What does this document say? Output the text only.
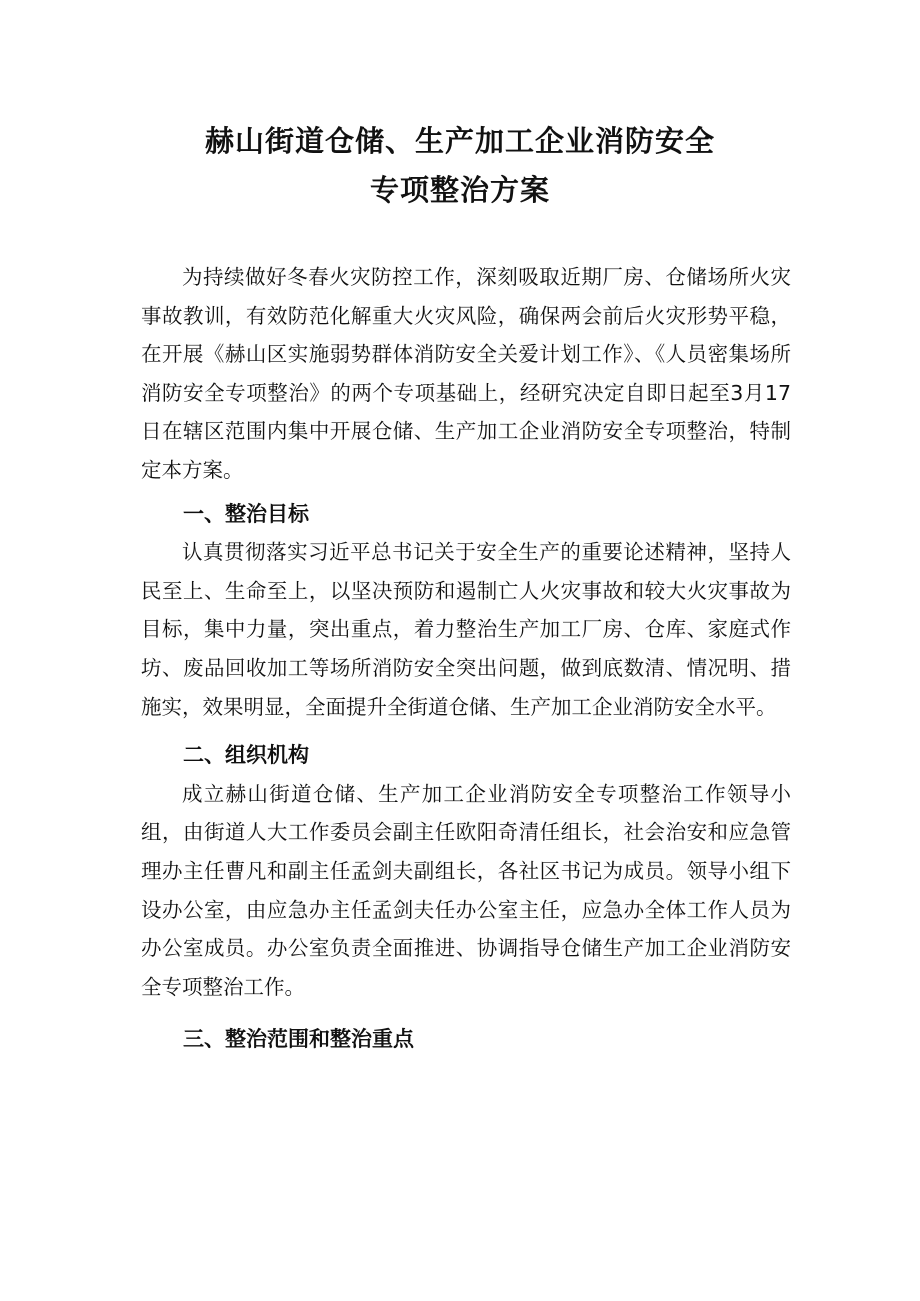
赫山街道仓储、生产加工企业消防安全
专项整治方案

为持续做好冬春火灾防控工作，深刻吸取近期厂房、仓储场所火灾事故教训，有效防范化解重大火灾风险，确保两会前后火灾形势平稳，在开展《赫山区实施弱势群体消防安全关爱计划工作》、《人员密集场所消防安全专项整治》的两个专项基础上，经研究决定自即日起至3月17日在辖区范围内集中开展仓储、生产加工企业消防安全专项整治，特制定本方案。

一、整治目标

认真贯彻落实习近平总书记关于安全生产的重要论述精神，坚持人民至上、生命至上，以坚决预防和遏制亡人火灾事故和较大火灾事故为目标，集中力量，突出重点，着力整治生产加工厂房、仓库、家庭式作坊、废品回收加工等场所消防安全突出问题，做到底数清、情况明、措施实，效果明显，全面提升全街道仓储、生产加工企业消防安全水平。

二、组织机构

成立赫山街道仓储、生产加工企业消防安全专项整治工作领导小组，由街道人大工作委员会副主任欧阳奇清任组长，社会治安和应急管理办主任曹凡和副主任孟剑夫副组长，各社区书记为成员。领导小组下设办公室，由应急办主任孟剑夫任办公室主任，应急办全体工作人员为办公室成员。办公室负责全面推进、协调指导仓储生产加工企业消防安全专项整治工作。

三、整治范围和整治重点
